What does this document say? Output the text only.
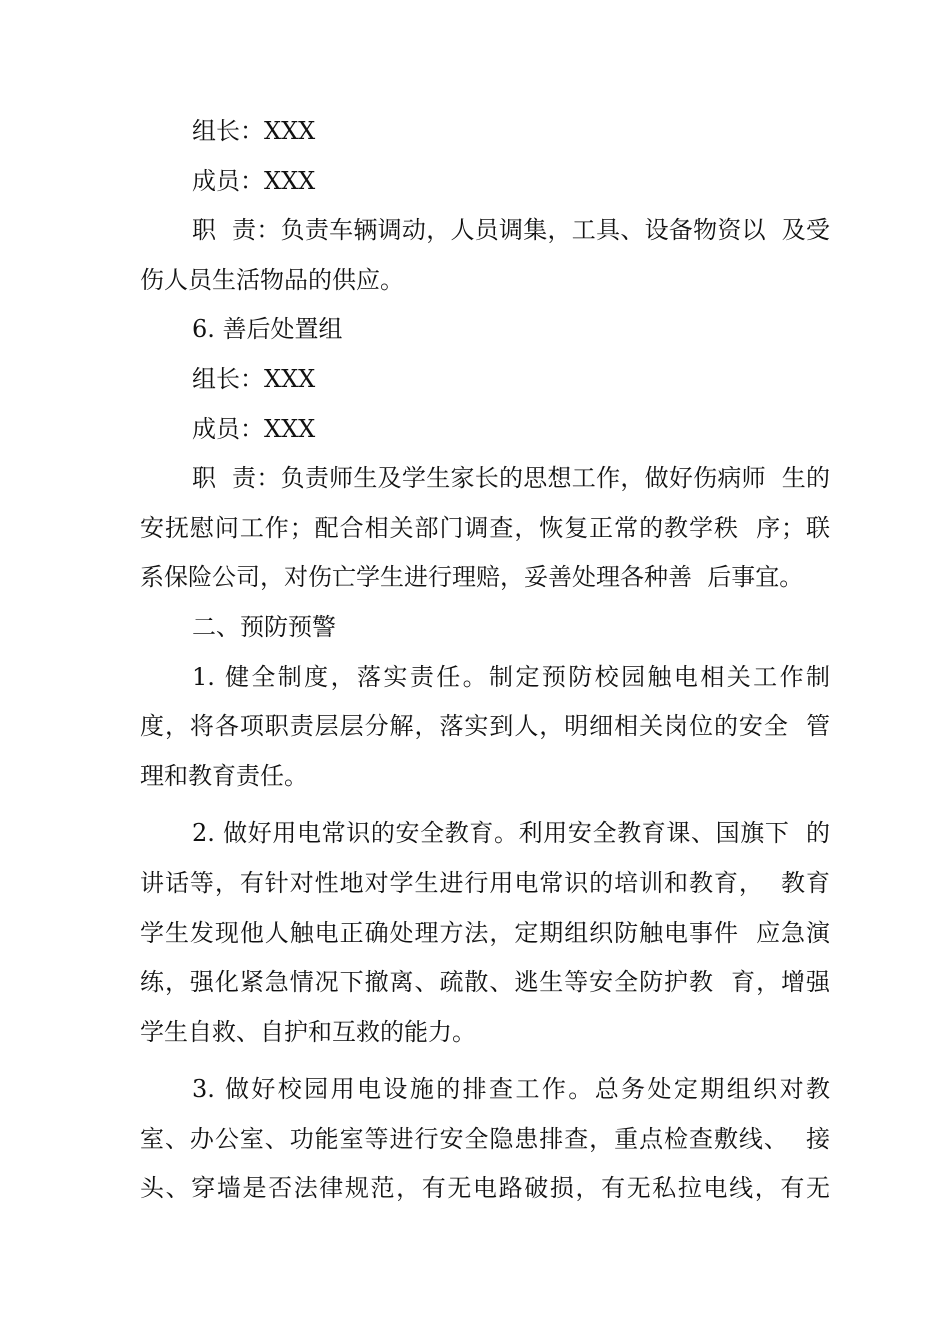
组长：XXX
成员：XXX
职  责：负责车辆调动，人员调集，工具、设备物资以  及受
伤人员生活物品的供应。
6. 善后处置组
组长：XXX
成员：XXX
职  责：负责师生及学生家长的思想工作，做好伤病师  生的
安抚慰问工作；配合相关部门调查，恢复正常的教学秩  序；联
系保险公司，对伤亡学生进行理赔，妥善处理各种善  后事宜。
二、预防预警
1. 健全制度，落实责任。制定预防校园触电相关工作制
度，将各项职责层层分解，落实到人，明细相关岗位的安全  管
理和教育责任。
2. 做好用电常识的安全教育。利用安全教育课、国旗下  的
讲话等，有针对性地对学生进行用电常识的培训和教育，  教育
学生发现他人触电正确处理方法，定期组织防触电事件  应急演
练，强化紧急情况下撤离、疏散、逃生等安全防护教  育，增强
学生自救、自护和互救的能力。
3. 做好校园用电设施的排查工作。总务处定期组织对教
室、办公室、功能室等进行安全隐患排查，重点检查敷线、  接
头、穿墙是否法律规范，有无电路破损，有无私拉电线，有无
